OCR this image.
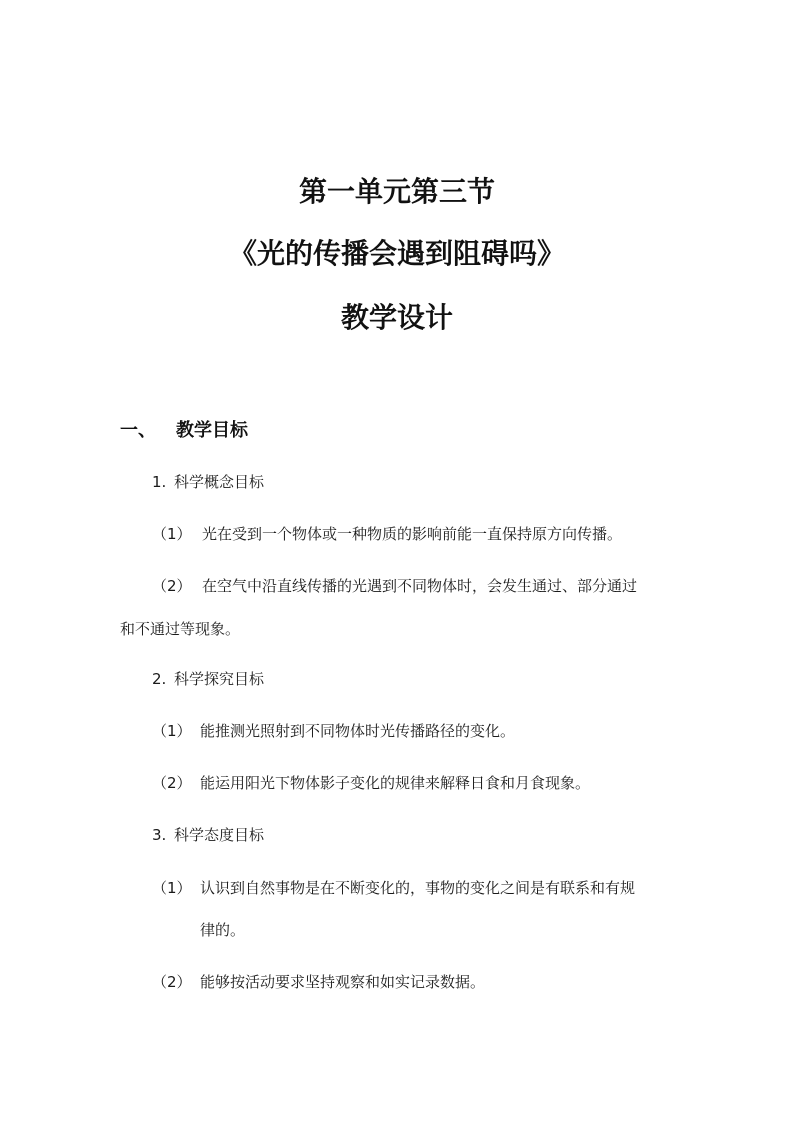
第一单元第三节
《光的传播会遇到阻碍吗》
教学设计
一、 教学目标
1. 科学概念目标
（1） 光在受到一个物体或一种物质的影响前能一直保持原方向传播。
（2） 在空气中沿直线传播的光遇到不同物体时，会发生通过、部分通过
和不通过等现象。
2. 科学探究目标
（1） 能推测光照射到不同物体时光传播路径的变化。
（2） 能运用阳光下物体影子变化的规律来解释日食和月食现象。
3. 科学态度目标
（1） 认识到自然事物是在不断变化的，事物的变化之间是有联系和有规
律的。
（2） 能够按活动要求坚持观察和如实记录数据。
